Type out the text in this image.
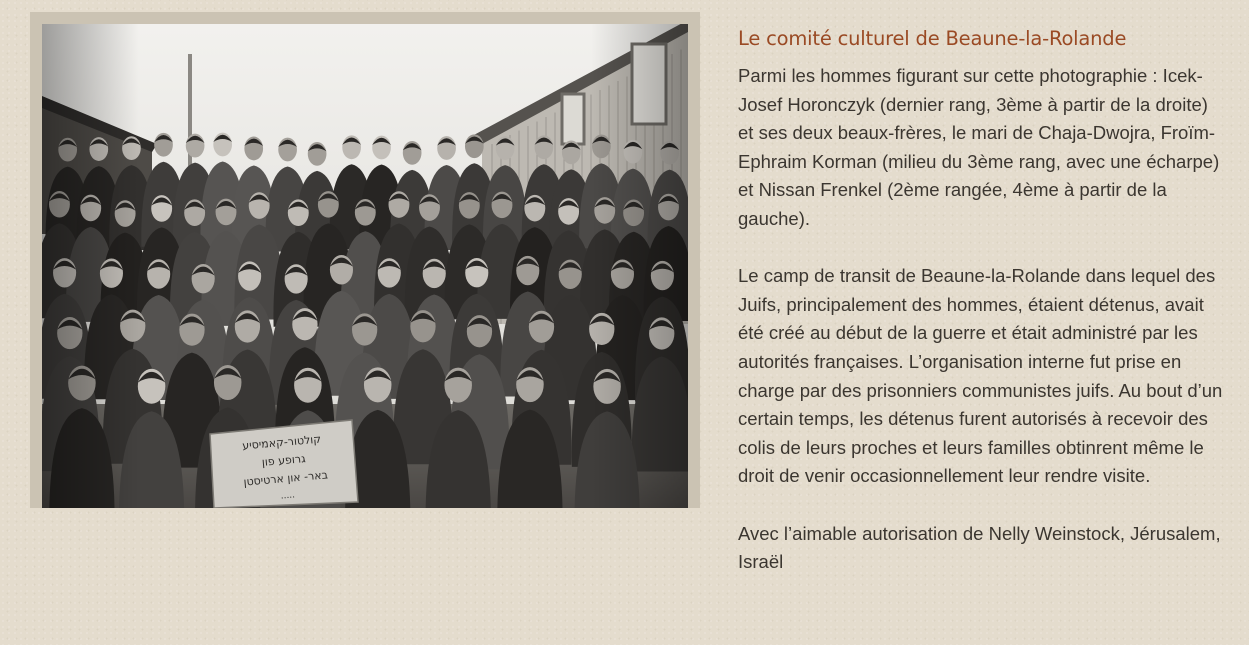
Le comité culturel de Beaune-la-Rolande

Parmi les hommes figurant sur cette photographie : Icek-Josef Horonczyk (dernier rang, 3ème à partir de la droite) et ses deux beaux-frères, le mari de Chaja-Dwojra, Froïm-Ephraim Korman (milieu du 3ème rang, avec une écharpe) et Nissan Frenkel (2ème rangée, 4ème à partir de la gauche).

Le camp de transit de Beaune-la-Rolande dans lequel des Juifs, principalement des hommes, étaient détenus, avait été créé au début de la guerre et était administré par les autorités françaises. L’organisation interne fut prise en charge par des prisonniers communistes juifs. Au bout d’un certain temps, les détenus furent autorisés à recevoir des colis de leurs proches et leurs familles obtinrent même le droit de venir occasionnellement leur rendre visite.

Avec l’aimable autorisation de Nelly Weinstock, Jérusalem, Israël
